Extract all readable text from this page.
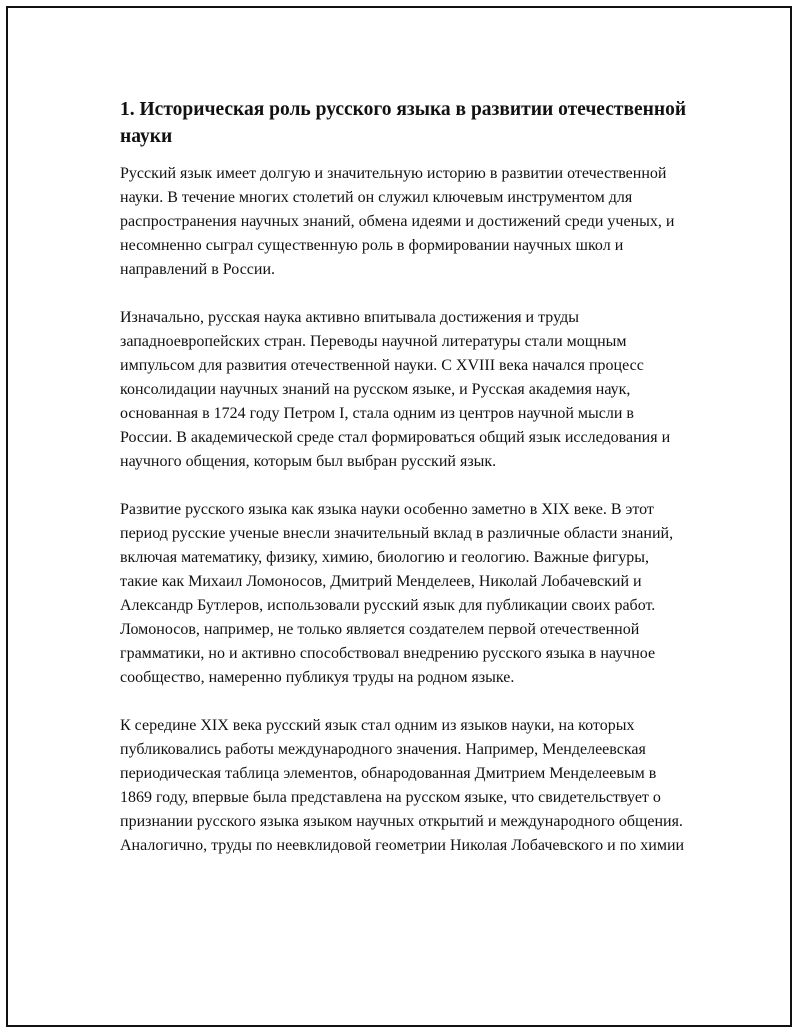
1. Историческая роль русского языка в развитии отечественной науки

Русский язык имеет долгую и значительную историю в развитии отечественной науки. В течение многих столетий он служил ключевым инструментом для распространения научных знаний, обмена идеями и достижений среди ученых, и несомненно сыграл существенную роль в формировании научных школ и направлений в России.

Изначально, русская наука активно впитывала достижения и труды западноевропейских стран. Переводы научной литературы стали мощным импульсом для развития отечественной науки. С XVIII века начался процесс консолидации научных знаний на русском языке, и Русская академия наук, основанная в 1724 году Петром I, стала одним из центров научной мысли в России. В академической среде стал формироваться общий язык исследования и научного общения, которым был выбран русский язык.

Развитие русского языка как языка науки особенно заметно в XIX веке. В этот период русские ученые внесли значительный вклад в различные области знаний, включая математику, физику, химию, биологию и геологию. Важные фигуры, такие как Михаил Ломоносов, Дмитрий Менделеев, Николай Лобачевский и Александр Бутлеров, использовали русский язык для публикации своих работ. Ломоносов, например, не только является создателем первой отечественной грамматики, но и активно способствовал внедрению русского языка в научное сообщество, намеренно публикуя труды на родном языке.

К середине XIX века русский язык стал одним из языков науки, на которых публиковались работы международного значения. Например, Менделеевская периодическая таблица элементов, обнародованная Дмитрием Менделеевым в 1869 году, впервые была представлена на русском языке, что свидетельствует о признании русского языка языком научных открытий и международного общения. Аналогично, труды по неевклидовой геометрии Николая Лобачевского и по химии
